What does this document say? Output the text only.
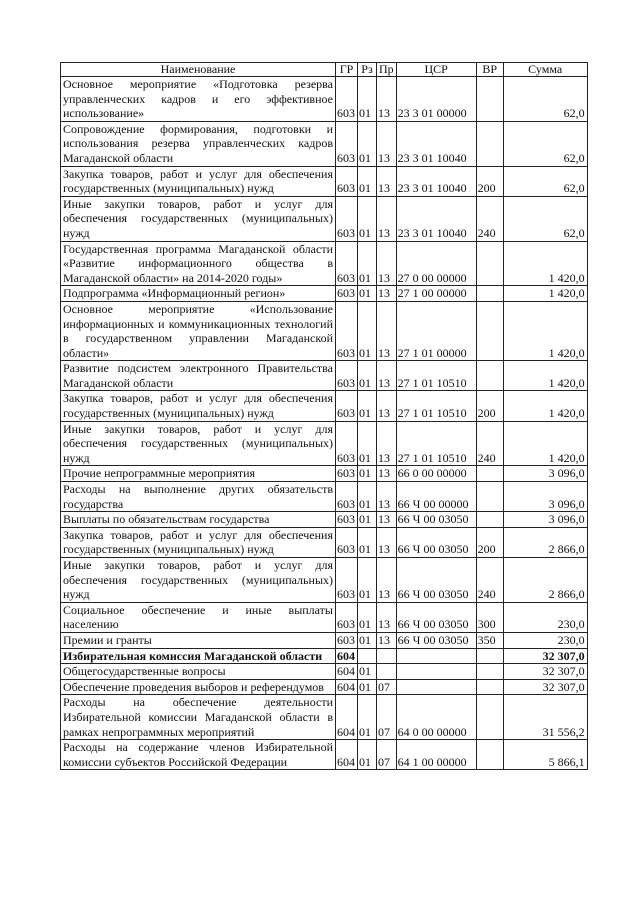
Наименование	ГР	Рз	Пр	ЦСР	ВР	Сумма
Основное мероприятие «Подготовка резерва управленческих кадров и его эффективное использование»	603	01	13	23 3 01 00000		62,0
Сопровождение формирования, подготовки и использования резерва управленческих кадров Магаданской области	603	01	13	23 3 01 10040		62,0
Закупка товаров, работ и услуг для обеспечения государственных (муниципальных) нужд	603	01	13	23 3 01 10040	200	62,0
Иные закупки товаров, работ и услуг для обеспечения государственных (муниципальных) нужд	603	01	13	23 3 01 10040	240	62,0
Государственная программа Магаданской области «Развитие информационного общества в Магаданской области» на 2014-2020 годы»	603	01	13	27 0 00 00000		1 420,0
Подпрограмма «Информационный регион»	603	01	13	27 1 00 00000		1 420,0
Основное мероприятие «Использование информационных и коммуникационных технологий в государственном управлении Магаданской области»	603	01	13	27 1 01 00000		1 420,0
Развитие подсистем электронного Правительства Магаданской области	603	01	13	27 1 01 10510		1 420,0
Закупка товаров, работ и услуг для обеспечения государственных (муниципальных) нужд	603	01	13	27 1 01 10510	200	1 420,0
Иные закупки товаров, работ и услуг для обеспечения государственных (муниципальных) нужд	603	01	13	27 1 01 10510	240	1 420,0
Прочие непрограммные мероприятия	603	01	13	66 0 00 00000		3 096,0
Расходы на выполнение других обязательств государства	603	01	13	66 Ч 00 00000		3 096,0
Выплаты по обязательствам государства	603	01	13	66 Ч 00 03050		3 096,0
Закупка товаров, работ и услуг для обеспечения государственных (муниципальных) нужд	603	01	13	66 Ч 00 03050	200	2 866,0
Иные закупки товаров, работ и услуг для обеспечения государственных (муниципальных) нужд	603	01	13	66 Ч 00 03050	240	2 866,0
Социальное обеспечение и иные выплаты населению	603	01	13	66 Ч 00 03050	300	230,0
Премии и гранты	603	01	13	66 Ч 00 03050	350	230,0
Избирательная комиссия Магаданской области	604					32 307,0
Общегосударственные вопросы	604	01				32 307,0
Обеспечение проведения выборов и референдумов	604	01	07			32 307,0
Расходы на обеспечение деятельности Избирательной комиссии Магаданской области в рамках непрограммных мероприятий	604	01	07	64 0 00 00000		31 556,2
Расходы на содержание членов Избирательной комиссии субъектов Российской Федерации	604	01	07	64 1 00 00000		5 866,1
